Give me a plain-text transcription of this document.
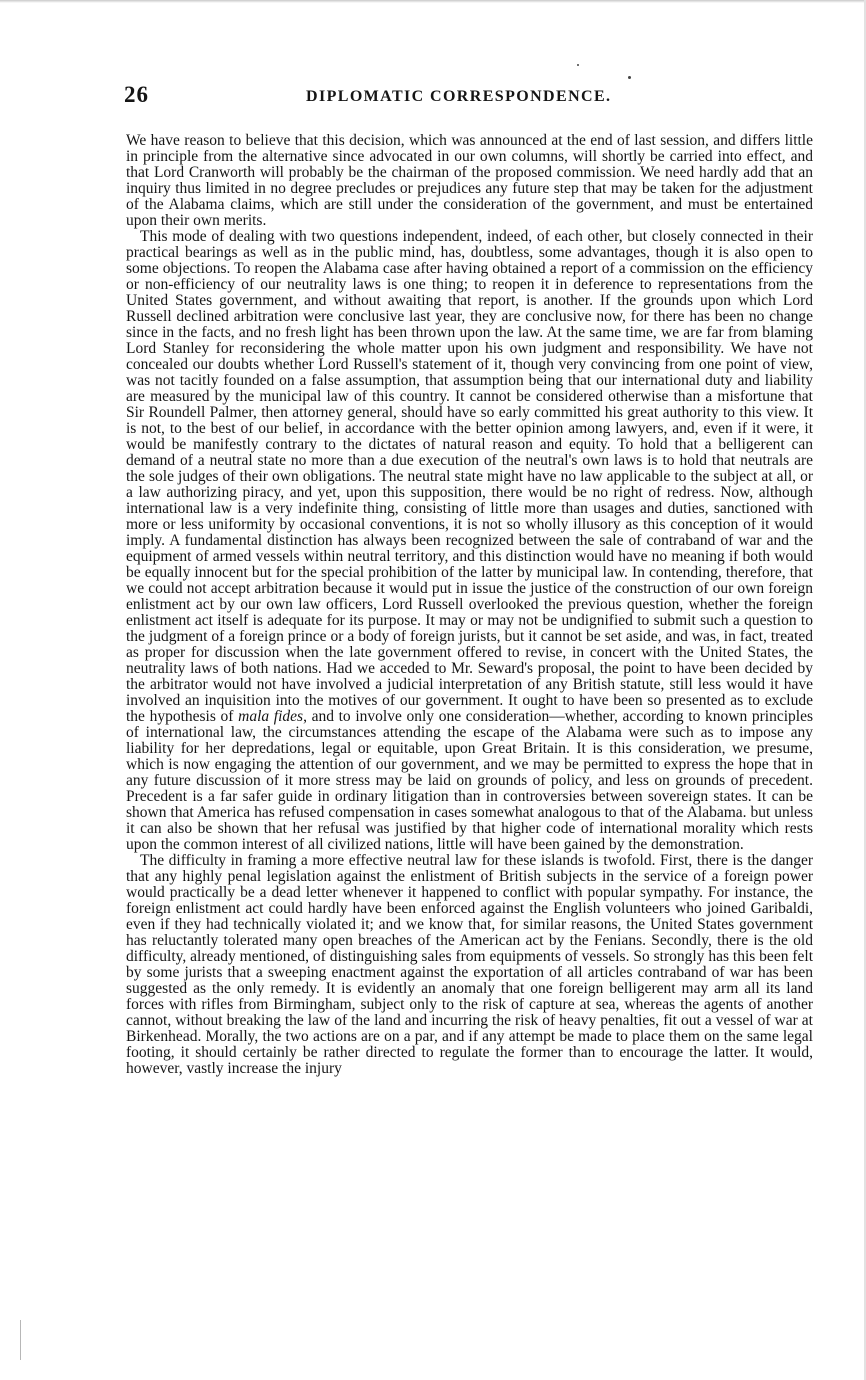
26	DIPLOMATIC CORRESPONDENCE.

We have reason to believe that this decision, which was announced at the end of last session, and differs little in principle from the alternative since advocated in our own columns, will shortly be carried into effect, and that Lord Cranworth will probably be the chairman of the proposed commission. We need hardly add that an inquiry thus limited in no degree precludes or prejudices any future step that may be taken for the adjustment of the Alabama claims, which are still under the consideration of the government, and must be entertained upon their own merits.

This mode of dealing with two questions independent, indeed, of each other, but closely connected in their practical bearings as well as in the public mind, has, doubtless, some advantages, though it is also open to some objections. To reopen the Alabama case after having obtained a report of a commission on the efficiency or non-efficiency of our neutrality laws is one thing; to reopen it in deference to representations from the United States government, and without awaiting that report, is another. If the grounds upon which Lord Russell declined arbitration were conclusive last year, they are conclusive now, for there has been no change since in the facts, and no fresh light has been thrown upon the law. At the same time, we are far from blaming Lord Stanley for reconsidering the whole matter upon his own judgment and responsibility. We have not concealed our doubts whether Lord Russell's statement of it, though very convincing from one point of view, was not tacitly founded on a false assumption, that assumption being that our international duty and liability are measured by the municipal law of this country. It cannot be considered otherwise than a misfortune that Sir Roundell Palmer, then attorney general, should have so early committed his great authority to this view. It is not, to the best of our belief, in accordance with the better opinion among lawyers, and, even if it were, it would be manifestly contrary to the dictates of natural reason and equity. To hold that a belligerent can demand of a neutral state no more than a due execution of the neutral's own laws is to hold that neutrals are the sole judges of their own obligations. The neutral state might have no law applicable to the subject at all, or a law authorizing piracy, and yet, upon this supposition, there would be no right of redress. Now, although international law is a very indefinite thing, consisting of little more than usages and duties, sanctioned with more or less uniformity by occasional conventions, it is not so wholly illusory as this conception of it would imply. A fundamental distinction has always been recognized between the sale of contraband of war and the equipment of armed vessels within neutral territory, and this distinction would have no meaning if both would be equally innocent but for the special prohibition of the latter by municipal law. In contending, therefore, that we could not accept arbitration because it would put in issue the justice of the construction of our own foreign enlistment act by our own law officers, Lord Russell overlooked the previous question, whether the foreign enlistment act itself is adequate for its purpose. It may or may not be undignified to submit such a question to the judgment of a foreign prince or a body of foreign jurists, but it cannot be set aside, and was, in fact, treated as proper for discussion when the late government offered to revise, in concert with the United States, the neutrality laws of both nations. Had we acceded to Mr. Seward's proposal, the point to have been decided by the arbitrator would not have involved a judicial interpretation of any British statute, still less would it have involved an inquisition into the motives of our government. It ought to have been so presented as to exclude the hypothesis of mala fides, and to involve only one consideration—whether, according to known principles of international law, the circumstances attending the escape of the Alabama were such as to impose any liability for her depredations, legal or equitable, upon Great Britain. It is this consideration, we presume, which is now engaging the attention of our government, and we may be permitted to express the hope that in any future discussion of it more stress may be laid on grounds of policy, and less on grounds of precedent. Precedent is a far safer guide in ordinary litigation than in controversies between sovereign states. It can be shown that America has refused compensation in cases somewhat analogous to that of the Alabama. but unless it can also be shown that her refusal was justified by that higher code of international morality which rests upon the common interest of all civilized nations, little will have been gained by the demonstration.

The difficulty in framing a more effective neutral law for these islands is twofold. First, there is the danger that any highly penal legislation against the enlistment of British subjects in the service of a foreign power would practically be a dead letter whenever it happened to conflict with popular sympathy. For instance, the foreign enlistment act could hardly have been enforced against the English volunteers who joined Garibaldi, even if they had technically violated it; and we know that, for similar reasons, the United States government has reluctantly tolerated many open breaches of the American act by the Fenians. Secondly, there is the old difficulty, already mentioned, of distinguishing sales from equipments of vessels. So strongly has this been felt by some jurists that a sweeping enactment against the exportation of all articles contraband of war has been suggested as the only remedy. It is evidently an anomaly that one foreign belligerent may arm all its land forces with rifles from Birmingham, subject only to the risk of capture at sea, whereas the agents of another cannot, without breaking the law of the land and incurring the risk of heavy penalties, fit out a vessel of war at Birkenhead. Morally, the two actions are on a par, and if any attempt be made to place them on the same legal footing, it should certainly be rather directed to regulate the former than to encourage the latter. It would, however, vastly increase the injury
